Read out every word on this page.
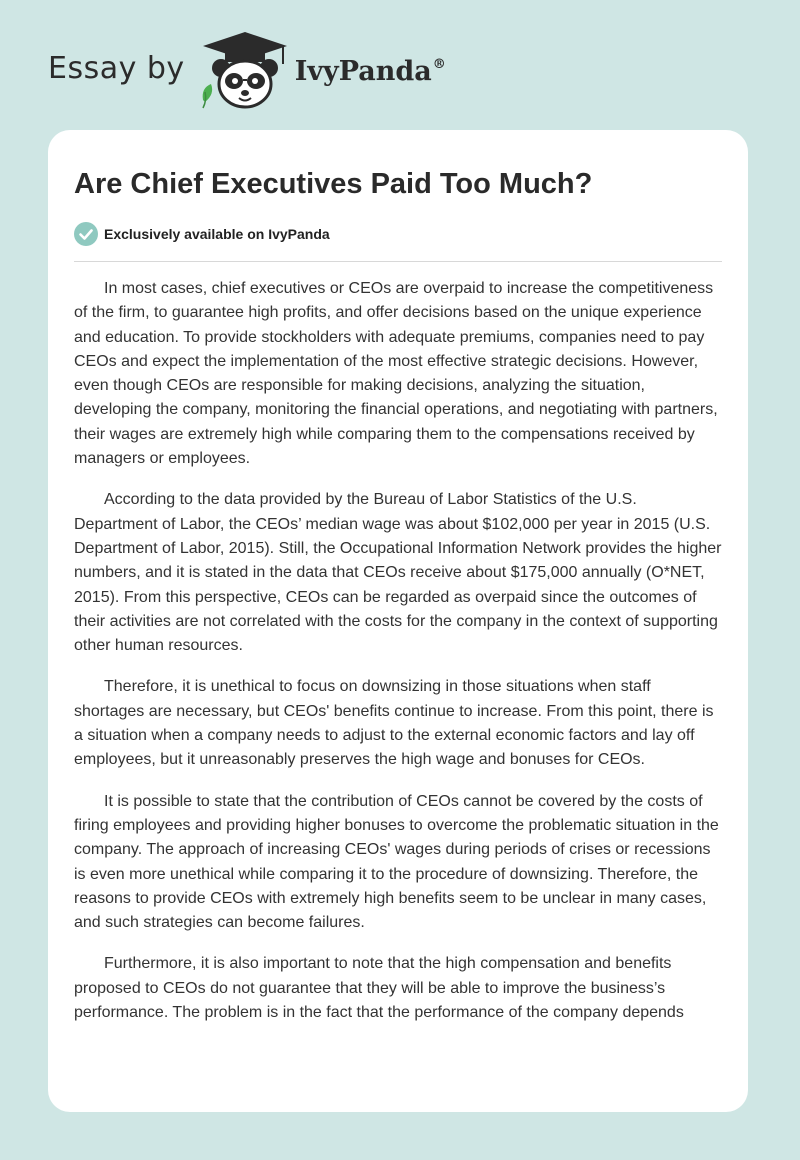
Essay by	IvyPanda®
Are Chief Executives Paid Too Much?
Exclusively available on IvyPanda

In most cases, chief executives or CEOs are overpaid to increase the competitiveness of the firm, to guarantee high profits, and offer decisions based on the unique experience and education. To provide stockholders with adequate premiums, companies need to pay CEOs and expect the implementation of the most effective strategic decisions. However, even though CEOs are responsible for making decisions, analyzing the situation, developing the company, monitoring the financial operations, and negotiating with partners, their wages are extremely high while comparing them to the compensations received by managers or employees.

According to the data provided by the Bureau of Labor Statistics of the U.S. Department of Labor, the CEOs’ median wage was about $102,000 per year in 2015 (U.S. Department of Labor, 2015). Still, the Occupational Information Network provides the higher numbers, and it is stated in the data that CEOs receive about $175,000 annually (O*NET, 2015). From this perspective, CEOs can be regarded as overpaid since the outcomes of their activities are not correlated with the costs for the company in the context of supporting other human resources.

Therefore, it is unethical to focus on downsizing in those situations when staff shortages are necessary, but CEOs' benefits continue to increase. From this point, there is a situation when a company needs to adjust to the external economic factors and lay off employees, but it unreasonably preserves the high wage and bonuses for CEOs.

It is possible to state that the contribution of CEOs cannot be covered by the costs of firing employees and providing higher bonuses to overcome the problematic situation in the company. The approach of increasing CEOs' wages during periods of crises or recessions is even more unethical while comparing it to the procedure of downsizing. Therefore, the reasons to provide CEOs with extremely high benefits seem to be unclear in many cases, and such strategies can become failures.

Furthermore, it is also important to note that the high compensation and benefits proposed to CEOs do not guarantee that they will be able to improve the business’s performance. The problem is in the fact that the performance of the company depends
